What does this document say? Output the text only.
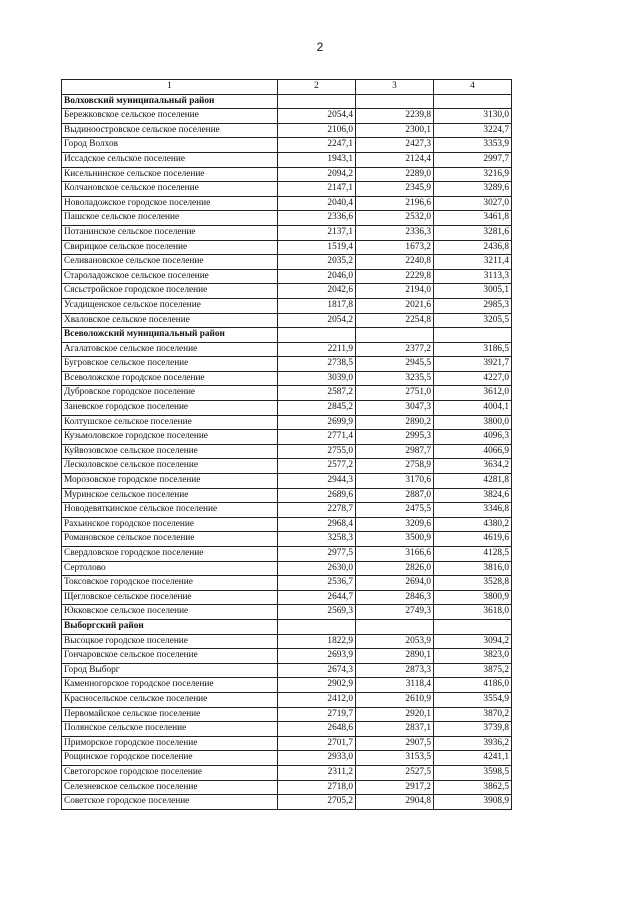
2
1	2	3	4
Волховский муниципальный район			
Бережковское сельское поселение	2054,4	2239,8	3130,0
Выдиноостровское сельское поселение	2106,0	2300,1	3224,7
Город Волхов	2247,1	2427,3	3353,9
Иссадское сельское поселение	1943,1	2124,4	2997,7
Кисельнинское сельское поселение	2094,2	2289,0	3216,9
Колчановское сельское поселение	2147,1	2345,9	3289,6
Новоладожское городское поселение	2040,4	2196,6	3027,0
Пашское сельское поселение	2336,6	2532,0	3461,8
Потанинское сельское поселение	2137,1	2336,3	3281,6
Свирицкое сельское поселение	1519,4	1673,2	2436,8
Селивановское сельское поселение	2035,2	2240,8	3211,4
Староладожское сельское поселение	2046,0	2229,8	3113,3
Сясьстройское городское поселение	2042,6	2194,0	3005,1
Усадищенское сельское поселение	1817,8	2021,6	2985,3
Хваловское сельское поселение	2054,2	2254,8	3205,5
Всеволожский муниципальный район			
Агалатовское сельское поселение	2211,9	2377,2	3186,5
Бугровское сельское поселение	2738,5	2945,5	3921,7
Всеволожское городское поселение	3039,0	3235,5	4227,0
Дубровское городское поселение	2587,2	2751,0	3612,0
Заневское городское поселение	2845,2	3047,3	4004,1
Колтушское сельское поселение	2699,9	2890,2	3800,0
Кузьмоловское городское поселение	2771,4	2995,3	4096,3
Куйвозовское сельское поселение	2755,0	2987,7	4066,9
Лесколовское сельское поселение	2577,2	2758,9	3634,2
Морозовское городское поселение	2944,3	3170,6	4281,8
Муринское сельское поселение	2689,6	2887,0	3824,6
Новодевяткинское сельское поселение	2278,7	2475,5	3346,8
Рахьинское городское поселение	2968,4	3209,6	4380,2
Романовское сельское поселение	3258,3	3500,9	4619,6
Свердловское городское поселение	2977,5	3166,6	4128,5
Сертолово	2630,0	2826,0	3816,0
Токсовское городское поселение	2536,7	2694,0	3528,8
Щегловское сельское поселение	2644,7	2846,3	3800,9
Юкковское сельское поселение	2569,3	2749,3	3618,0
Выборгский район			
Высоцкое городское поселение	1822,9	2053,9	3094,2
Гончаровское сельское поселение	2693,9	2890,1	3823,0
Город Выборг	2674,3	2873,3	3875,2
Каменногорское городское поселение	2902,9	3118,4	4186,0
Красносельское сельское поселение	2412,0	2610,9	3554,9
Первомайское сельское поселение	2719,7	2920,1	3870,2
Полянское сельское поселение	2648,6	2837,1	3739,8
Приморское городское поселение	2701,7	2907,5	3936,2
Рощинское городское поселение	2933,0	3153,5	4241,1
Светогорское городское поселение	2311,2	2527,5	3598,5
Селезневское сельское поселение	2718,0	2917,2	3862,5
Советское городское поселение	2705,2	2904,8	3908,9
